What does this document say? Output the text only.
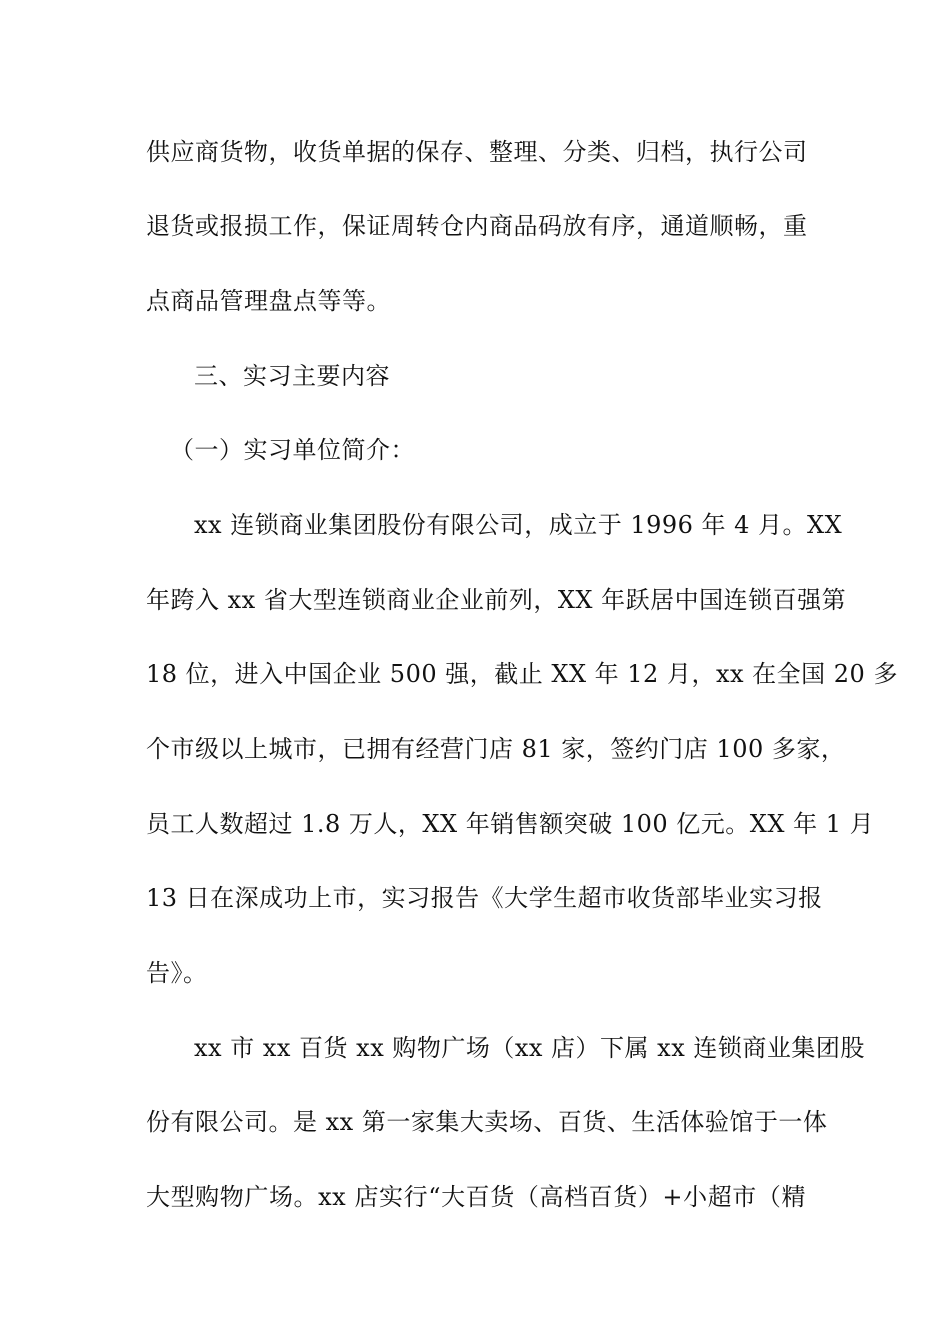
供应商货物，收货单据的保存、整理、分类、归档，执行公司
退货或报损工作，保证周转仓内商品码放有序，通道顺畅，重
点商品管理盘点等等。
三、实习主要内容
（一）实习单位简介：
xx 连锁商业集团股份有限公司，成立于 1996 年 4 月。XX
年跨入 xx 省大型连锁商业企业前列，XX 年跃居中国连锁百强第
18 位，进入中国企业 500 强，截止 XX 年 12 月，xx 在全国 20 多
个市级以上城市，已拥有经营门店 81 家，签约门店 100 多家，
员工人数超过 1.8 万人，XX 年销售额突破 100 亿元。XX 年 1 月
13 日在深成功上市，实习报告《大学生超市收货部毕业实习报
告》。
xx 市 xx 百货 xx 购物广场（xx 店）下属 xx 连锁商业集团股
份有限公司。是 xx 第一家集大卖场、百货、生活体验馆于一体
大型购物广场。xx 店实行“大百货（高档百货）+小超市（精
